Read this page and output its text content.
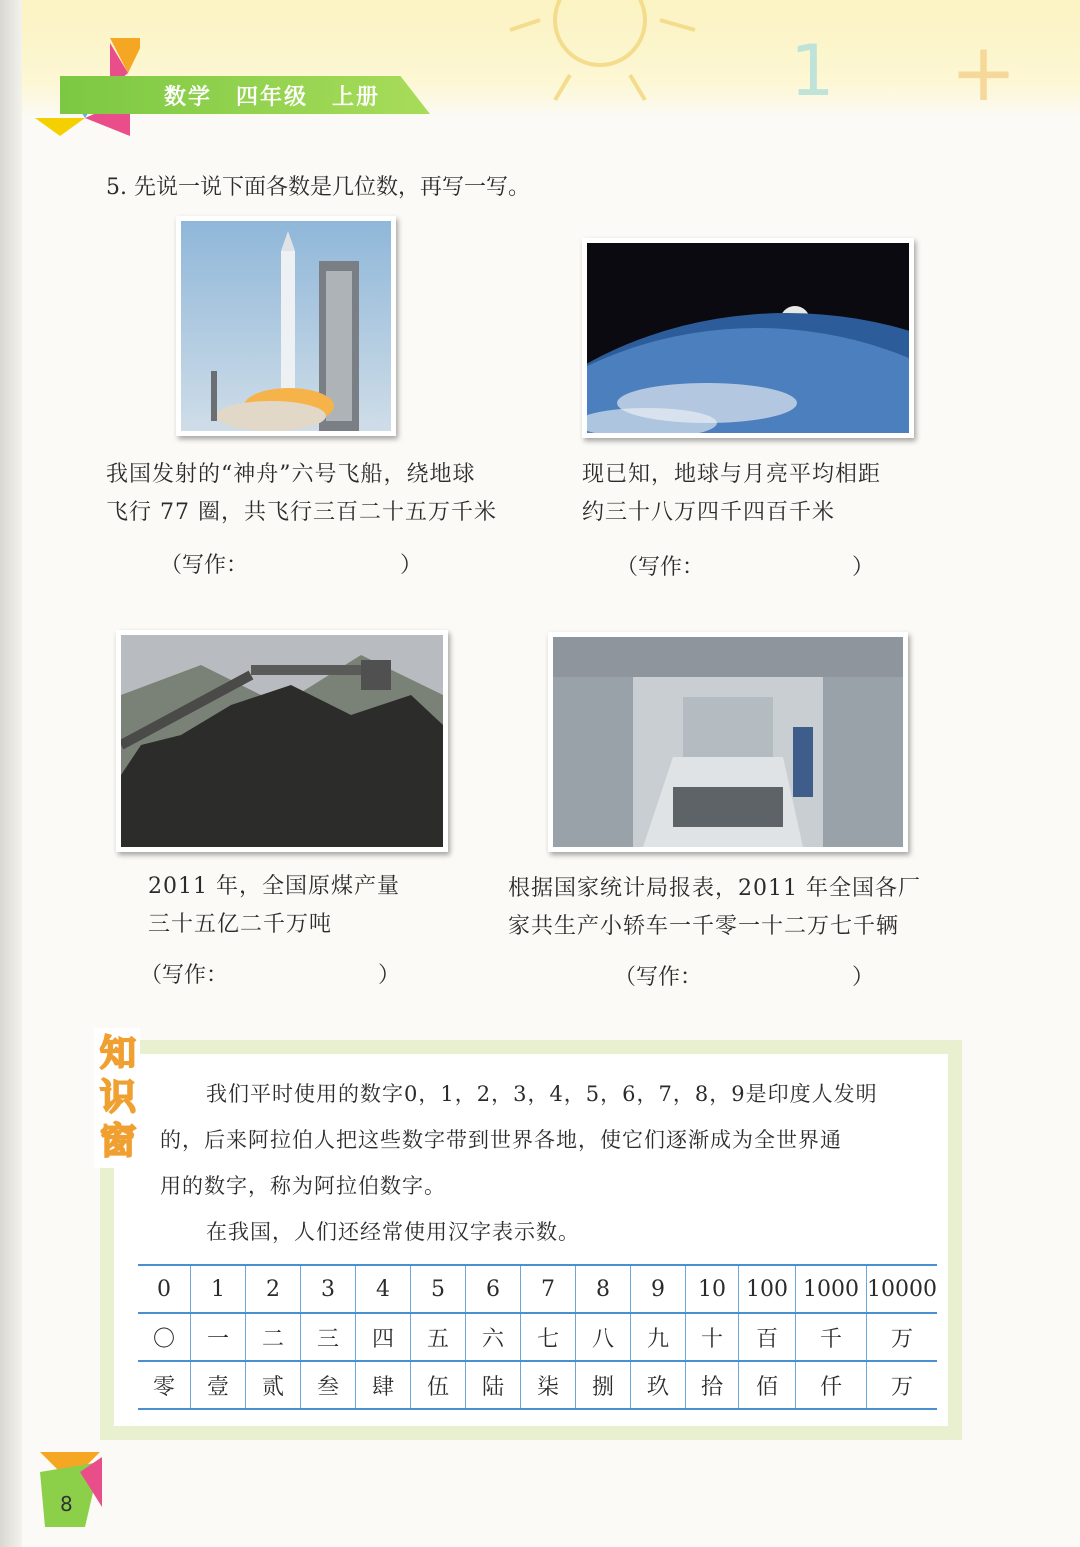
1 +
数学　四年级　上册
5. 先说一说下面各数是几位数，再写一写。
我国发射的“神舟”六号飞船，绕地球
飞行 77 圈，共飞行三百二十五万千米
（写作：	）
现已知，地球与月亮平均相距
约三十八万四千四百千米
（写作：	）
2011 年，全国原煤产量
三十五亿二千万吨
（写作：	）
根据国家统计局报表，2011 年全国各厂
家共生产小轿车一千零一十二万七千辆
（写作：	）
知
识
窗
我们平时使用的数字0，1，2，3，4，5，6，7，8，9是印度人发明
的，后来阿拉伯人把这些数字带到世界各地，使它们逐渐成为全世界通
用的数字，称为阿拉伯数字。
在我国，人们还经常使用汉字表示数。
0	1	2	3	4	5	6	7	8	9	10	100	1000	10000
〇	一	二	三	四	五	六	七	八	九	十	百	千	万
零	壹	贰	叁	肆	伍	陆	柒	捌	玖	拾	佰	仟	万
8
